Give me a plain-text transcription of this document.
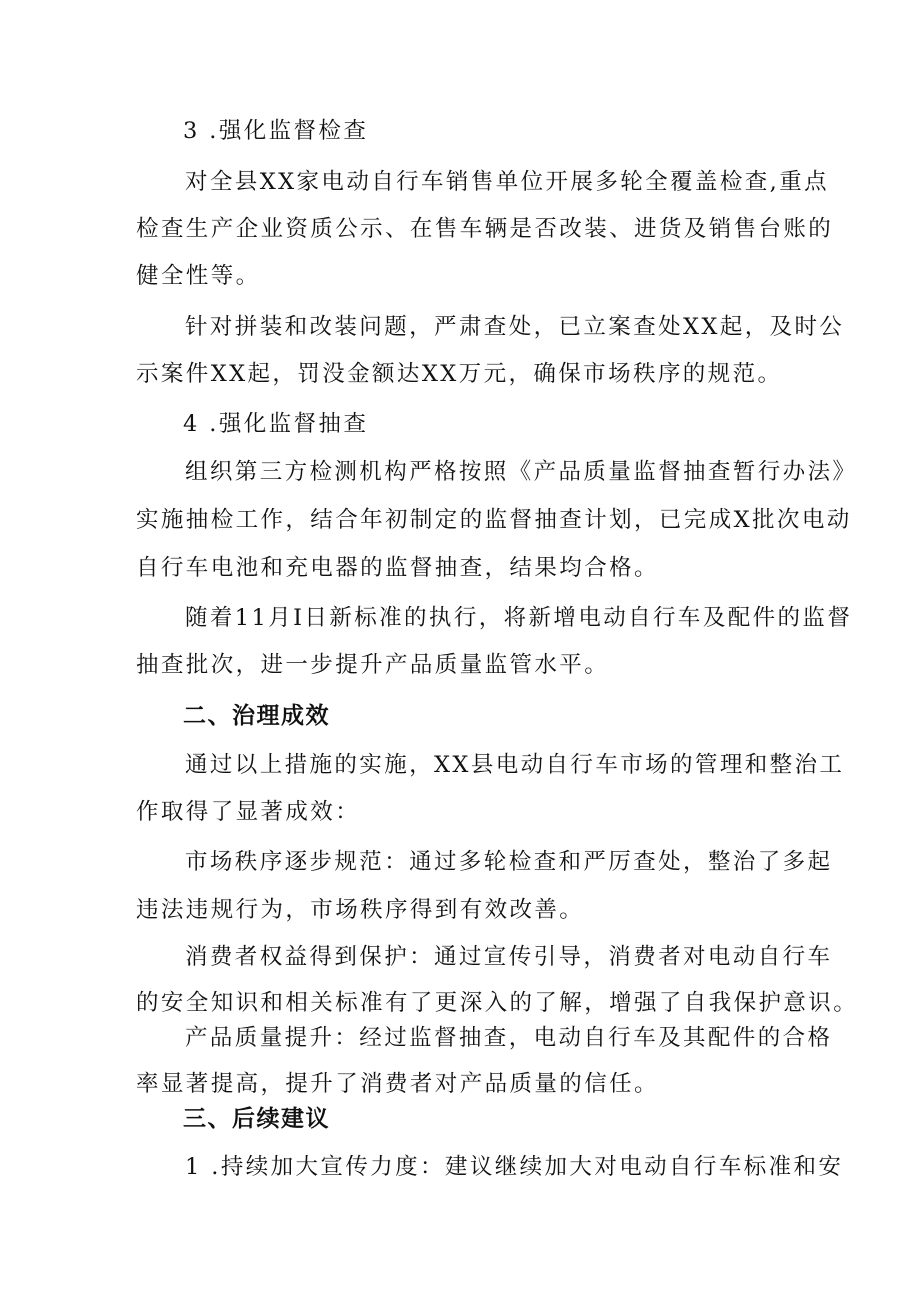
3 .强化监督检查
对全县XX家电动自行车销售单位开展多轮全覆盖检查,重点
检查生产企业资质公示、在售车辆是否改装、进货及销售台账的
健全性等。
针对拼装和改装问题，严肃查处，已立案查处XX起，及时公
示案件XX起，罚没金额达XX万元，确保市场秩序的规范。
4 .强化监督抽查
组织第三方检测机构严格按照《产品质量监督抽查暂行办法》
实施抽检工作，结合年初制定的监督抽查计划，已完成X批次电动
自行车电池和充电器的监督抽查，结果均合格。
随着11月I日新标准的执行，将新增电动自行车及配件的监督
抽查批次，进一步提升产品质量监管水平。
二、治理成效
通过以上措施的实施，XX县电动自行车市场的管理和整治工
作取得了显著成效：
市场秩序逐步规范：通过多轮检查和严厉查处，整治了多起
违法违规行为，市场秩序得到有效改善。
消费者权益得到保护：通过宣传引导，消费者对电动自行车
的安全知识和相关标准有了更深入的了解，增强了自我保护意识。
产品质量提升：经过监督抽查，电动自行车及其配件的合格
率显著提高，提升了消费者对产品质量的信任。
三、后续建议
1 .持续加大宣传力度：建议继续加大对电动自行车标准和安
